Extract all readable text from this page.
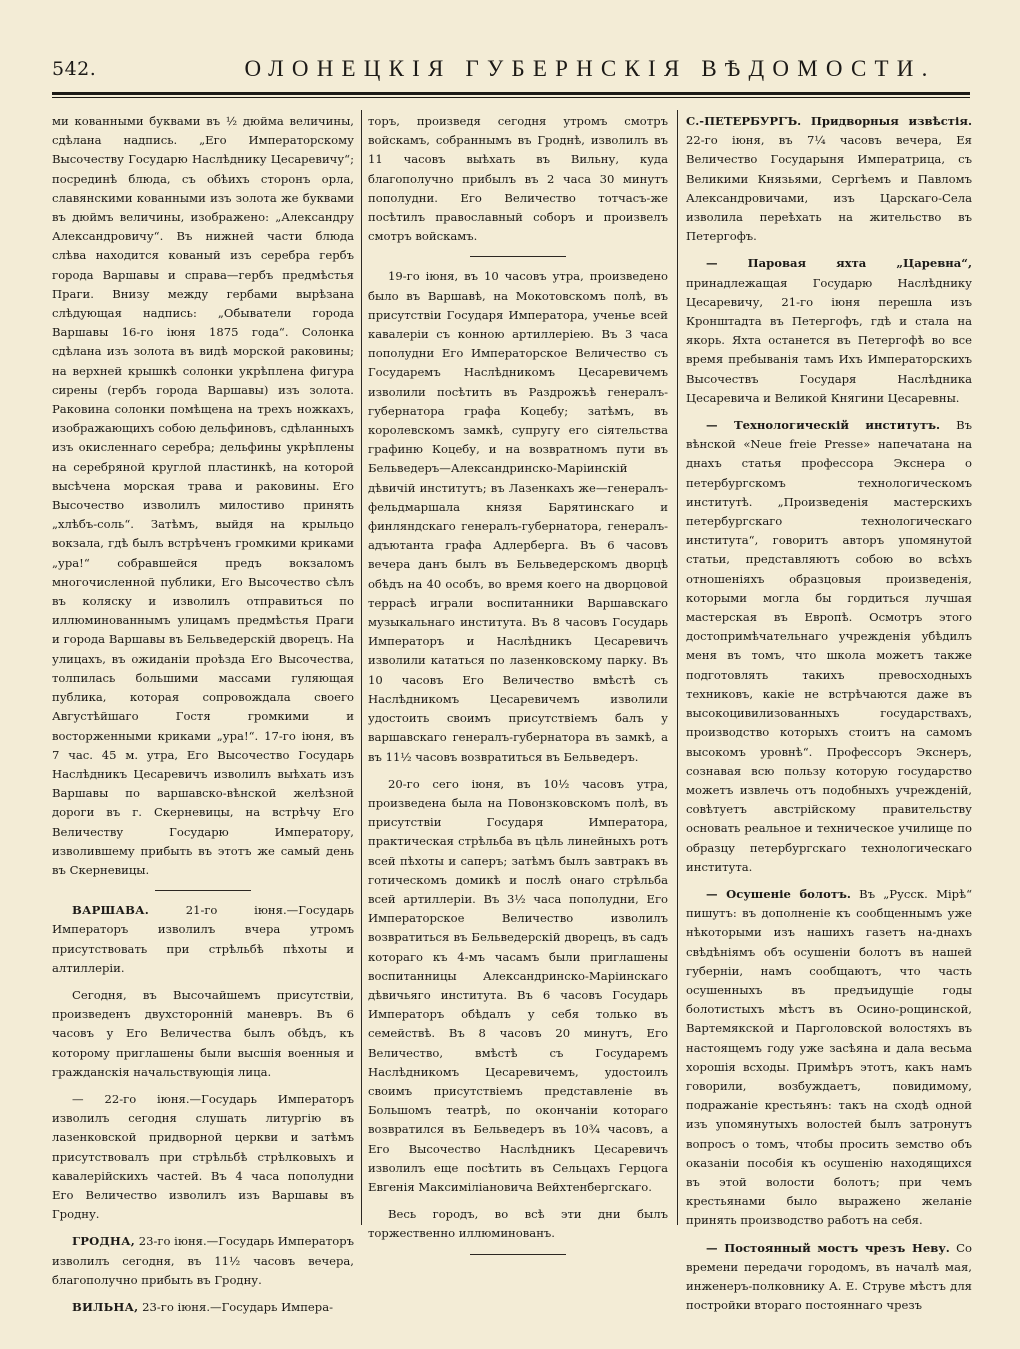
542.	ОЛОНЕЦКІЯ ГУБЕРНСКІЯ ВѢДОМОСТИ.

ми кованными буквами въ ½ дюйма величины, сдѣлана надпись. „Его Императорскому Высочеству Государю Наслѣднику Цесаревичу“; посрединѣ блюда, съ обѣихъ сторонъ орла, славянскими кованными изъ золота же буквами въ дюймъ величины, изображено: „Александру Александровичу“. Въ нижней части блюда слѣва находится кованый изъ серебра гербъ города Варшавы и справа—гербъ предмѣстья Праги. Внизу между гербами вырѣзана слѣдующая надпись: „Обыватели города Варшавы 16-го іюня 1875 года“. Солонка сдѣлана изъ золота въ видѣ морской раковины; на верхней крышкѣ солонки укрѣплена фигура сирены (гербъ города Варшавы) изъ золота. Раковина солонки помѣщена на трехъ ножкахъ, изображающихъ собою дельфиновъ, сдѣланныхъ изъ окисленнаго серебра; дельфины укрѣплены на серебряной круглой пластинкѣ, на которой высѣчена морская трава и раковины. Его Высочество изволилъ милостиво принять „хлѣбъ-соль“. Затѣмъ, выйдя на крыльцо вокзала, гдѣ былъ встрѣченъ громкими криками „ура!“ собравшейся предъ вокзаломъ многочисленной публики, Его Высочество сѣлъ въ коляску и изволилъ отправиться по иллюминованнымъ улицамъ предмѣстья Праги и города Варшавы въ Бельведерскій дворецъ. На улицахъ, въ ожиданіи проѣзда Его Высочества, толпилась большими массами гуляющая публика, которая сопровождала своего Августѣйшаго Гостя громкими и восторженными криками „ура!“. 17-го іюня, въ 7 час. 45 м. утра, Его Высочество Государь Наслѣдникъ Цесаревичъ изволилъ выѣхать изъ Варшавы по варшавско-вѣнской желѣзной дороги въ г. Скерневицы, на встрѣчу Его Величеству Государю Императору, изволившему прибыть въ этотъ же самый день въ Скерневицы.

ВАРШАВА.	21-го іюня.—Государь Императоръ изволилъ вчера утромъ присутствовать при стрѣльбѣ пѣхоты и алтиллеріи.

Сегодня, въ Высочайшемъ присутствіи, произведенъ двухсторонній маневръ. Въ 6 часовъ у Его Величества былъ обѣдъ, къ которому приглашены были высшія военныя и гражданскія начальствующія лица.

— 22-го іюня.—Государь Императоръ изволилъ сегодня слушать литургію въ лазенковской придворной церкви и затѣмъ присутствовалъ при стрѣльбѣ стрѣлковыхъ и кавалерійскихъ частей. Въ 4 часа пополудни Его Величество изволилъ изъ Варшавы въ Гродну.

ГРОДНА, 23-го іюня.—Государь Императоръ изволилъ сегодня, въ 11½ часовъ вечера, благополучно прибыть въ Гродну.

ВИЛЬНА, 23-го іюня.—Государь Импера-

торъ, произведя сегодня утромъ смотръ войскамъ, собраннымъ въ Гроднѣ, изволилъ въ 11 часовъ выѣхать въ Вильну, куда благополучно прибылъ въ 2 часа 30 минутъ пополудни. Его Величество тотчасъ-же посѣтилъ православный соборъ и произвелъ смотръ войскамъ.

19-го іюня, въ 10 часовъ утра, произведено было въ Варшавѣ, на Мокотовскомъ полѣ, въ присутствіи Государя Императора, ученье всей кавалеріи съ конною артиллеріею. Въ 3 часа пополудни Его Императорское Величество съ Государемъ Наслѣдникомъ Цесаревичемъ изволили посѣтить въ Раздрожъѣ генералъ-губернатора графа Коцебу; затѣмъ, въ королевскомъ замкѣ, супругу его сіятельства графиню Коцебу, и на возвратномъ пути въ Бельведеръ—Александринско-Маріинскій дѣвичій институтъ; въ Лазенкахъ же—генералъ-фельдмаршала князя Барятинскаго и финляндскаго генералъ-губернатора, генералъ-адъютанта графа Адлерберга. Въ 6 часовъ вечера данъ былъ въ Бельведерскомъ дворцѣ обѣдъ на 40 особъ, во время коего на дворцовой террасѣ играли воспитанники Варшавскаго музыкальнаго института. Въ 8 часовъ Государь Императоръ и Наслѣдникъ Цесаревичъ изволили кататься по лазенковскому парку. Въ 10 часовъ Его Величество вмѣстѣ съ Наслѣдникомъ Цесаревичемъ изволили удостоить своимъ присутствіемъ балъ у варшавскаго генералъ-губернатора въ замкѣ, а въ 11½ часовъ возвратиться въ Бельведеръ.

20-го сего іюня, въ 10½ часовъ утра, произведена была на Повонзковскомъ полѣ, въ присутствіи Государя Императора, практическая стрѣльба въ цѣль линейныхъ ротъ всей пѣхоты и саперъ; затѣмъ былъ завтракъ въ готическомъ домикѣ и послѣ онаго стрѣльба всей артиллеріи. Въ 3½ часа пополудни, Его Императорское Величество изволилъ возвратиться въ Бельведерскій дворецъ, въ садъ котораго къ 4-мъ часамъ были приглашены воспитанницы Александринско-Маріинскаго дѣвичьяго института. Въ 6 часовъ Государь Императоръ обѣдалъ у себя только въ семействѣ. Въ 8 часовъ 20 минутъ, Его Величество, вмѣстѣ съ Государемъ Наслѣдникомъ Цесаревичемъ, удостоилъ своимъ присутствіемъ представленіе въ Большомъ театрѣ, по окончаніи котораго возвратился въ Бельведеръ въ 10¾ часовъ, а Его Высочество Наслѣдникъ Цесаревичъ изволилъ еще посѣтить въ Сельцахъ Герцога Евгенія Максиміліановича Вейхтенбергскаго.

Весь городъ, во всѣ эти дни былъ торжественно иллюминованъ.

С.-ПЕТЕРБУРГЪ. Придворныя извѣстія. 22-го іюня, въ 7¼ часовъ вечера, Ея Величество Государыня Императрица, съ Великими Князьями, Сергѣемъ и Павломъ Александровичами, изъ Царскаго-Села изволила переѣхать на жительство въ Петергофъ.

— Паровая яхта „Царевна“, принадлежащая Государю Наслѣднику Цесаревичу, 21-го іюня перешла изъ Кронштадта въ Петергофъ, гдѣ и стала на якорь. Яхта останется въ Петергофѣ во все время пребыванія тамъ Ихъ Императорскихъ Высочествъ Государя Наслѣдника Цесаревича и Великой Княгини Цесаревны.

— Технологическій институтъ. Въ вѣнской «Neue freie Presse» напечатана на днахъ статья профессора Экснера о петербургскомъ технологическомъ институтѣ. „Произведенія мастерскихъ петербургскаго технологическаго института“, говоритъ авторъ упомянутой статьи, представляютъ собою во всѣхъ отношеніяхъ образцовыя произведенія, которыми могла бы гордиться лучшая мастерская въ Европѣ. Осмотръ этого достопримѣчательнаго учрежденія убѣдилъ меня въ томъ, что школа можетъ также подготовлять такихъ превосходныхъ техниковъ, какіе не встрѣчаются даже въ высокоцивилизованныхъ государствахъ, производство которыхъ стоитъ на самомъ высокомъ уровнѣ“. Профессоръ Экснеръ, сознавая всю пользу которую государство можетъ извлечь отъ подобныхъ учрежденій, совѣтуетъ австрійскому правительству основать реальное и техническое училище по образцу петербургскаго технологическаго института.

— Осушеніе болотъ. Въ „Русск. Мірѣ“ пишутъ: въ дополненіе къ сообщеннымъ уже нѣкоторыми изъ нашихъ газетъ на-днахъ свѣдѣніямъ объ осушеніи болотъ въ нашей губерніи, намъ сообщаютъ, что часть осушенныхъ въ предъидущіе годы болотистыхъ мѣстъ въ Осино-рощинской, Вартемякской и Парголовской волостяхъ въ настоящемъ году уже засѣяна и дала весьма хорошія всходы. Примѣръ этотъ, какъ намъ говорили, возбуждаетъ, повидимому, подражаніе крестьянъ: такъ на сходѣ одной изъ упомянутыхъ волостей былъ затронутъ вопросъ о томъ, чтобы просить земство объ оказаніи пособія къ осушенію находящихся въ этой волости болотъ; при чемъ крестьянами было выражено желаніе принять производство работъ на себя.

— Постоянный мостъ чрезъ Неву. Со времени передачи городомъ, въ началѣ мая, инженеръ-полковнику А. Е. Струве мѣстъ для постройки втораго постояннаго чрезъ
